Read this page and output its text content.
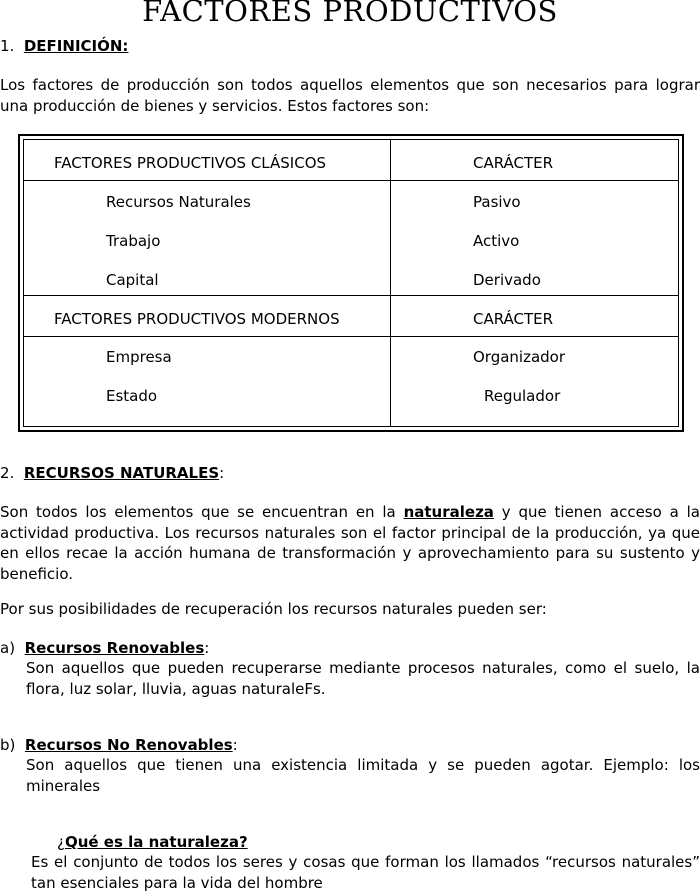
FACTORES PRODUCTIVOS
1. DEFINICIÓN:
Los factores de producción son todos aquellos elementos que son necesarios para lograr una producción de bienes y servicios. Estos factores son:
FACTORES PRODUCTIVOS CLÁSICOS	CARÁCTER
Recursos Naturales	Pasivo
Trabajo	Activo
Capital	Derivado
FACTORES PRODUCTIVOS MODERNOS	CARÁCTER
Empresa	Organizador
Estado	Regulador
2. RECURSOS NATURALES:
Son todos los elementos que se encuentran en la naturaleza y que tienen acceso a la actividad productiva. Los recursos naturales son el factor principal de la producción, ya que en ellos recae la acción humana de transformación y aprovechamiento para su sustento y beneficio.
Por sus posibilidades de recuperación los recursos naturales pueden ser:
a) Recursos Renovables:
Son aquellos que pueden recuperarse mediante procesos naturales, como el suelo, la flora, luz solar, lluvia, aguas naturaleFs.
b) Recursos No Renovables:
Son aquellos que tienen una existencia limitada y se pueden agotar. Ejemplo: los minerales
¿Qué es la naturaleza?
Es el conjunto de todos los seres y cosas que forman los llamados “recursos naturales” tan esenciales para la vida del hombre
